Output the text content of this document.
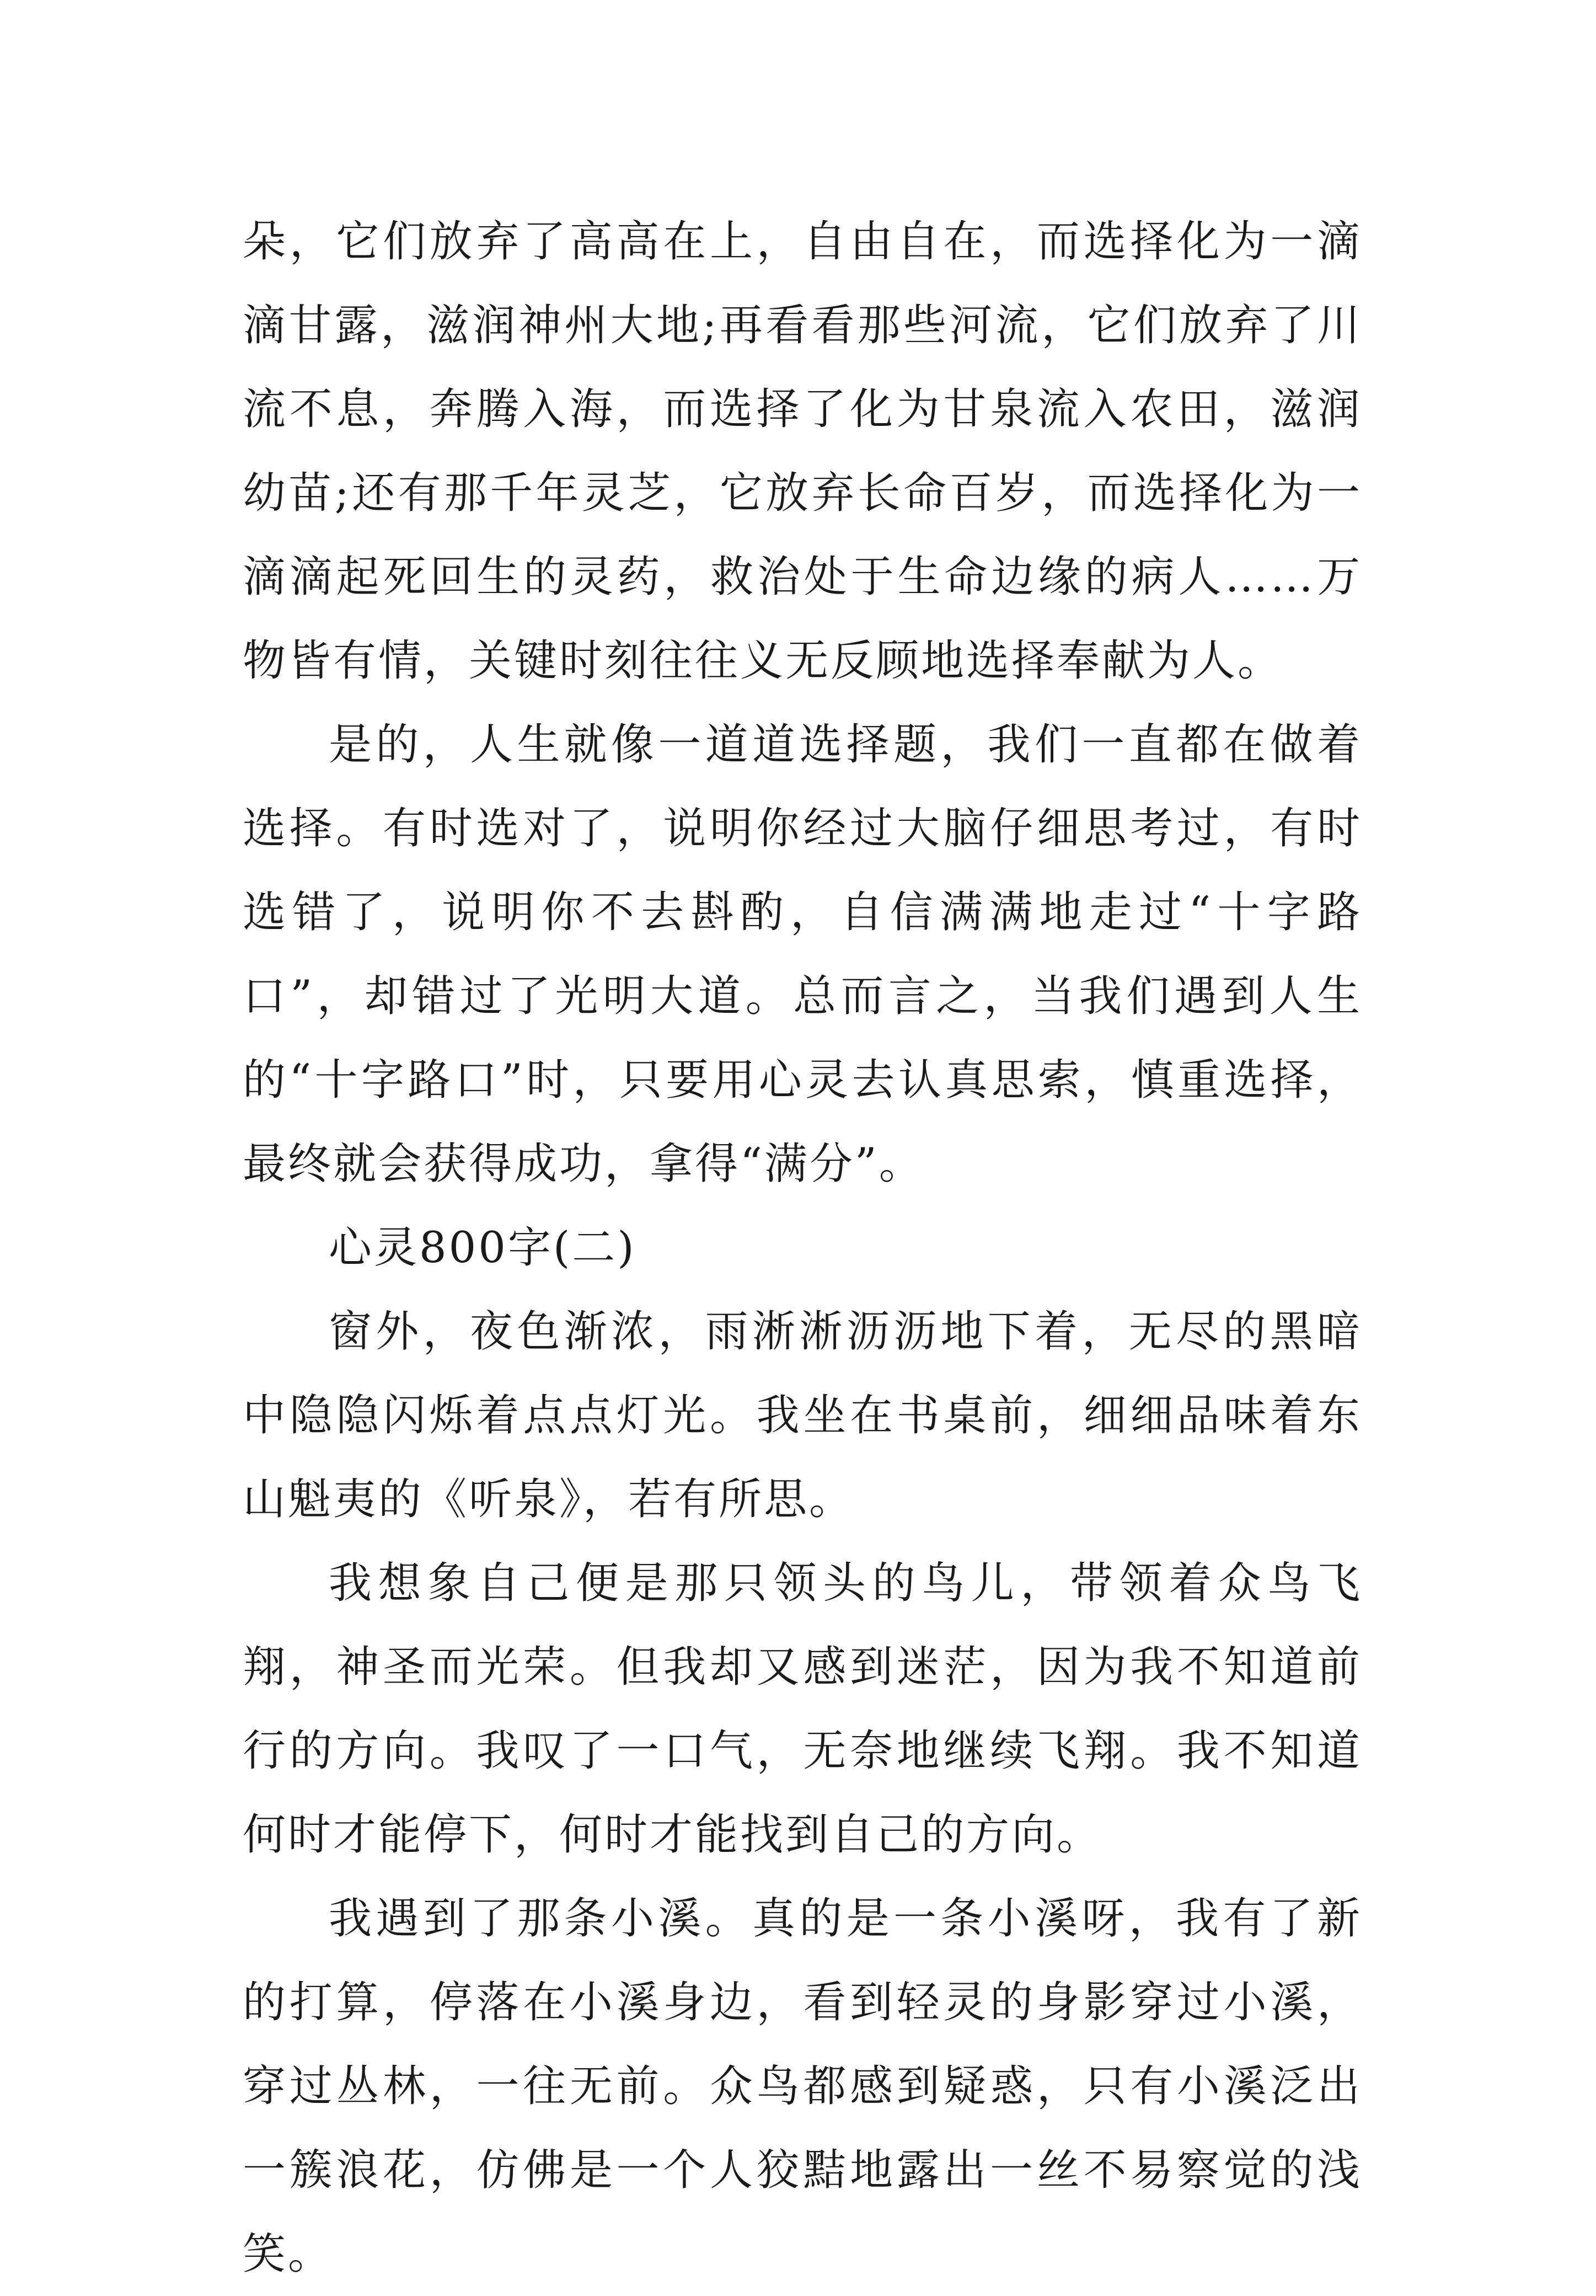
朵，它们放弃了高高在上，自由自在，而选择化为一滴滴甘露，滋润神州大地;再看看那些河流，它们放弃了川流不息，奔腾入海，而选择了化为甘泉流入农田，滋润幼苗;还有那千年灵芝，它放弃长命百岁，而选择化为一滴滴起死回生的灵药，救治处于生命边缘的病人……万物皆有情，关键时刻往往义无反顾地选择奉献为人。

是的，人生就像一道道选择题，我们一直都在做着选择。有时选对了，说明你经过大脑仔细思考过，有时选错了，说明你不去斟酌，自信满满地走过“十字路口”，却错过了光明大道。总而言之，当我们遇到人生的“十字路口”时，只要用心灵去认真思索，慎重选择，最终就会获得成功，拿得“满分”。

心灵800字(二)

窗外，夜色渐浓，雨淅淅沥沥地下着，无尽的黑暗中隐隐闪烁着点点灯光。我坐在书桌前，细细品味着东山魁夷的《听泉》，若有所思。

我想象自己便是那只领头的鸟儿，带领着众鸟飞翔，神圣而光荣。但我却又感到迷茫，因为我不知道前行的方向。我叹了一口气，无奈地继续飞翔。我不知道何时才能停下，何时才能找到自己的方向。

我遇到了那条小溪。真的是一条小溪呀，我有了新的打算，停落在小溪身边，看到轻灵的身影穿过小溪，穿过丛林，一往无前。众鸟都感到疑惑，只有小溪泛出一簇浪花，仿佛是一个人狡黠地露出一丝不易察觉的浅笑。
